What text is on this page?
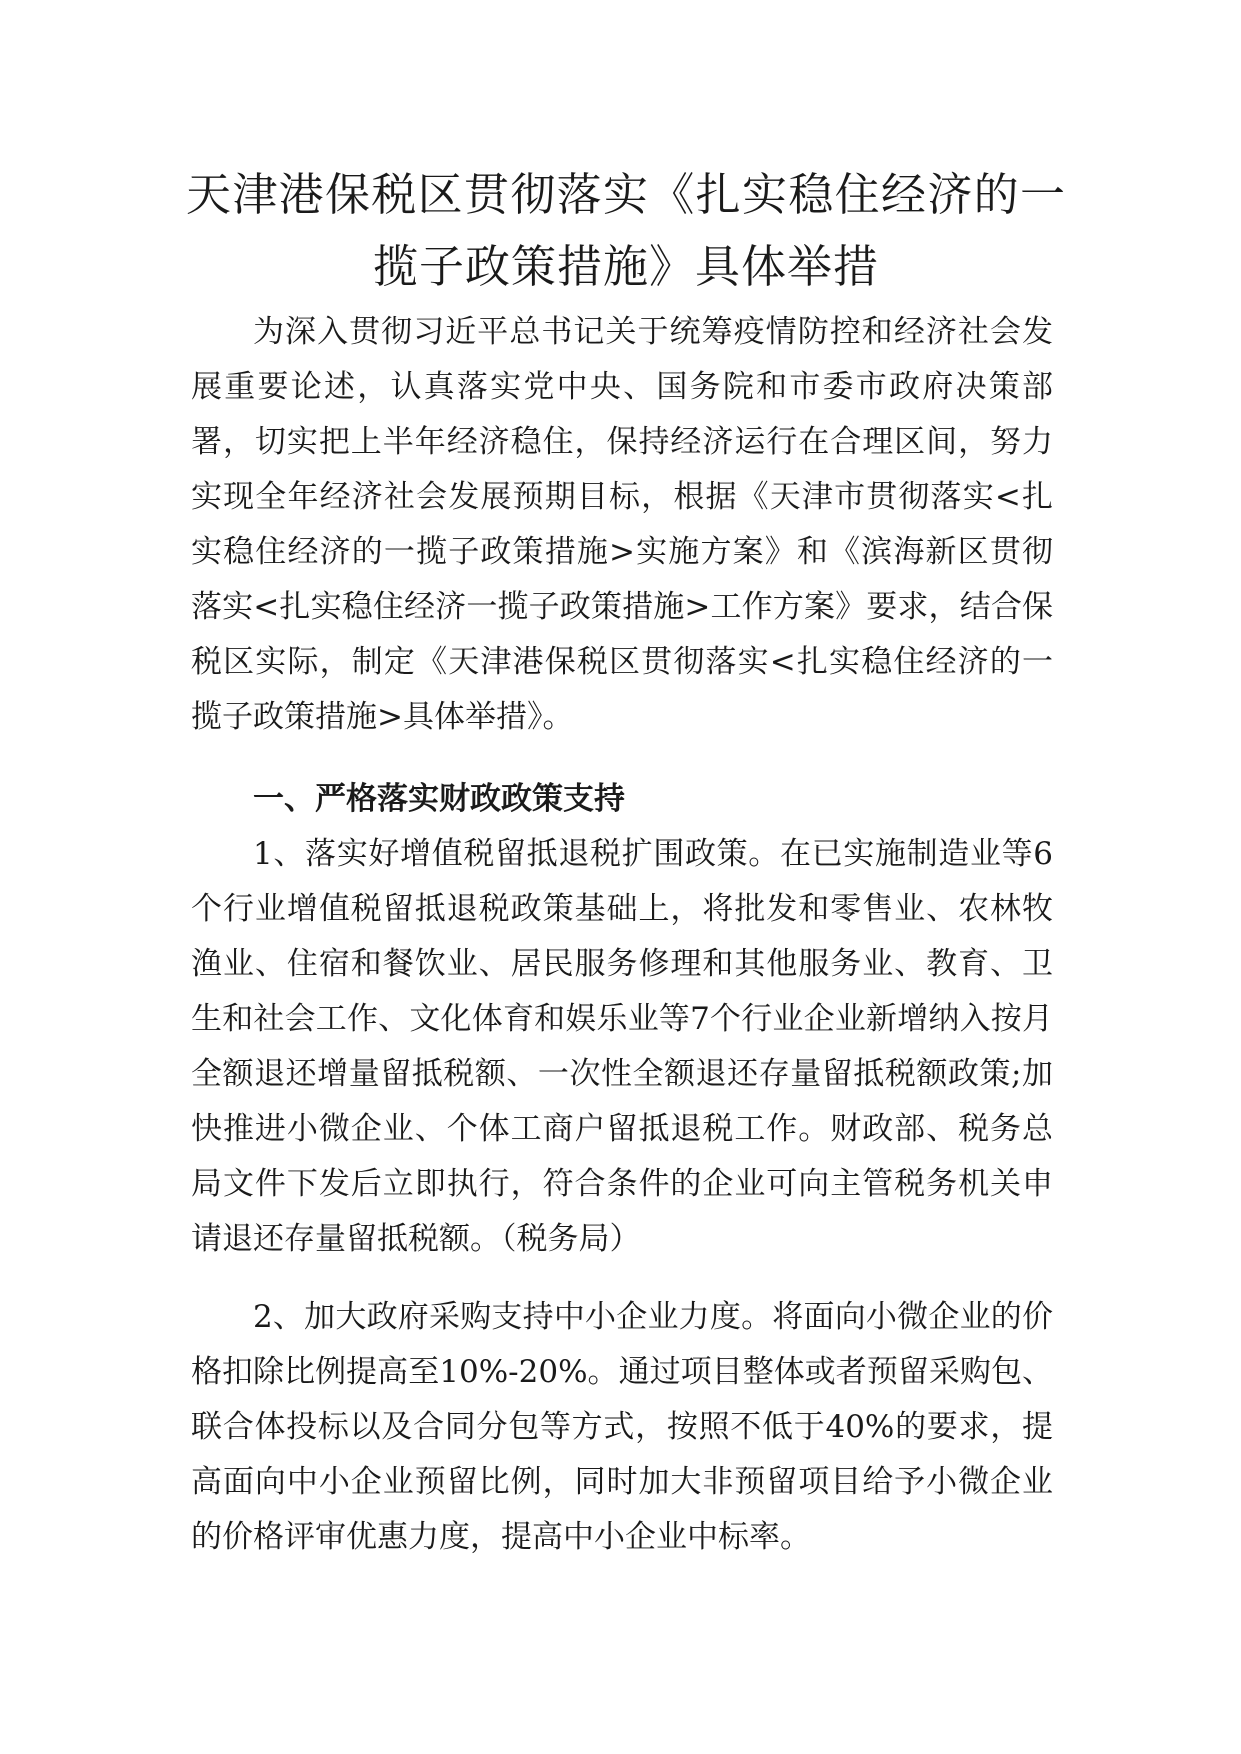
天津港保税区贯彻落实《扎实稳住经济的一
揽子政策措施》具体举措

为深入贯彻习近平总书记关于统筹疫情防控和经济社会发展重要论述，认真落实党中央、国务院和市委市政府决策部署，切实把上半年经济稳住，保持经济运行在合理区间，努力实现全年经济社会发展预期目标，根据《天津市贯彻落实<扎实稳住经济的一揽子政策措施>实施方案》和《滨海新区贯彻落实<扎实稳住经济一揽子政策措施>工作方案》要求，结合保税区实际，制定《天津港保税区贯彻落实<扎实稳住经济的一揽子政策措施>具体举措》。

一、严格落实财政政策支持

1、落实好增值税留抵退税扩围政策。在已实施制造业等6个行业增值税留抵退税政策基础上，将批发和零售业、农林牧渔业、住宿和餐饮业、居民服务修理和其他服务业、教育、卫生和社会工作、文化体育和娱乐业等7个行业企业新增纳入按月全额退还增量留抵税额、一次性全额退还存量留抵税额政策;加快推进小微企业、个体工商户留抵退税工作。财政部、税务总局文件下发后立即执行，符合条件的企业可向主管税务机关申请退还存量留抵税额。（税务局）

2、加大政府采购支持中小企业力度。将面向小微企业的价格扣除比例提高至10%-20%。通过项目整体或者预留采购包、联合体投标以及合同分包等方式，按照不低于40%的要求，提高面向中小企业预留比例，同时加大非预留项目给予小微企业的价格评审优惠力度，提高中小企业中标率。
